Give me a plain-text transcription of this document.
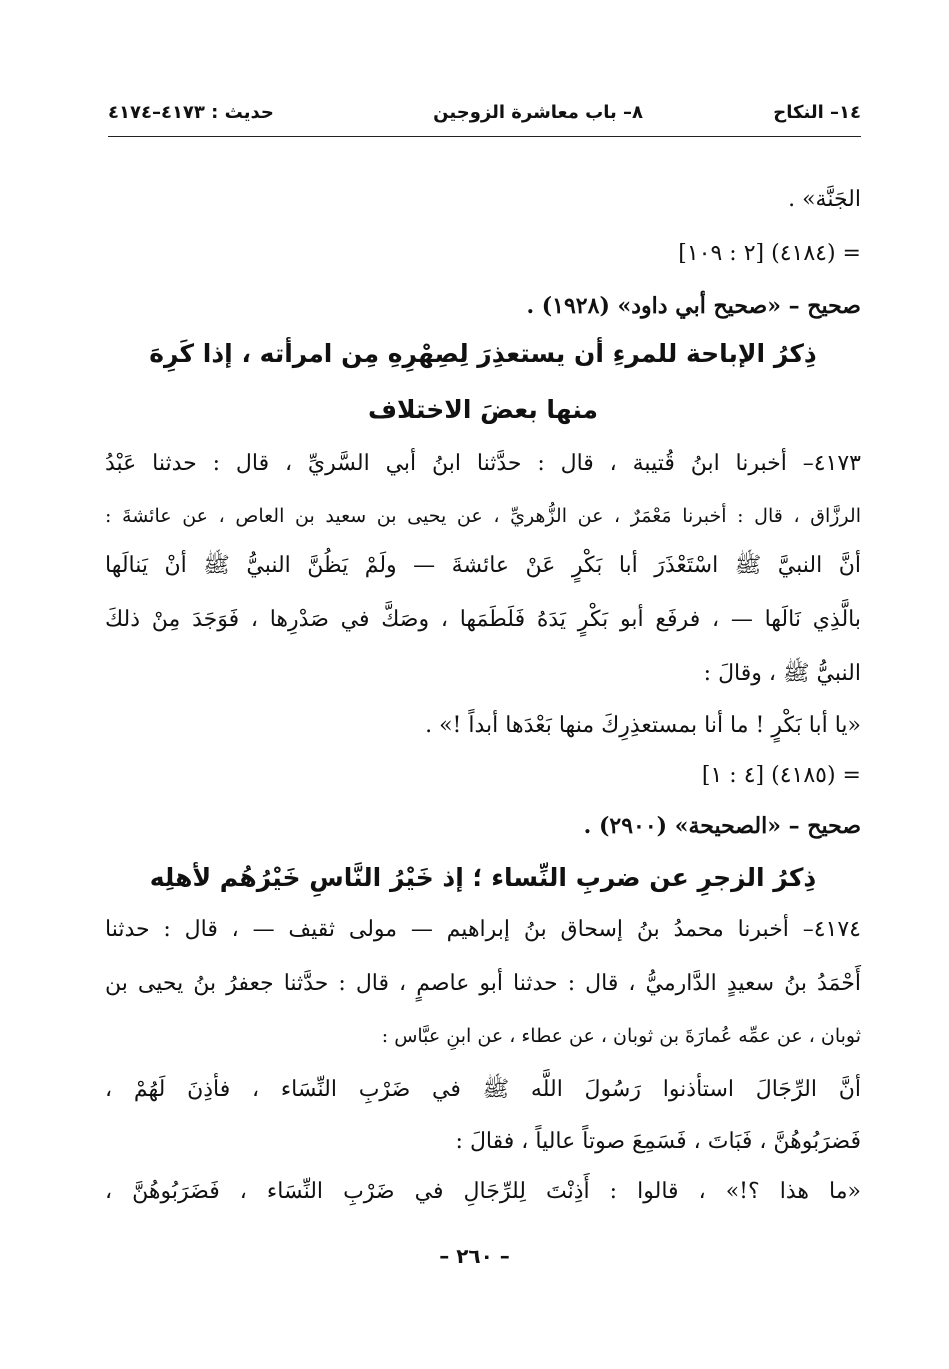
١٤– النكاح
٨– باب معاشرة الزوجين
حديث : ٤١٧٣–٤١٧٤
الجَنَّة» .
= (٤١٨٤) [٢ : ١٠٩]
صحيح – «صحيح أبي داود» (١٩٢٨) .
ذِكرُ الإباحة للمرءِ أن يستعذِرَ لِصِهْرِهِ مِن امرأته ، إذا كَرِهَ
منها بعضَ الاختلاف
٤١٧٣– أخبرنا ابنُ قُتيبة ، قال : حدَّثنا ابنُ أبي السَّريِّ ، قال : حدثنا عَبْدُ
الرزَّاق ، قال : أخبرنا مَعْمَرٌ ، عن الزُّهريِّ ، عن يحيى بن سعيد بن العاص ، عن عائشةَ :
أنَّ النبيَّ ﷺ اسْتَعْذَرَ أبا بَكْرٍ عَنْ عائشةَ — ولَمْ يَظُنَّ النبيُّ ﷺ أنْ يَنالَها
بالَّذِي نَالَها — ، فرفَع أبو بَكْرٍ يَدَهُ فَلَطَمَها ، وصَكَّ في صَدْرِها ، فَوَجَدَ مِنْ ذلكَ
النبيُّ ﷺ ، وقالَ :
«يا أبا بَكْرٍ ! ما أنا بمستعذِرِكَ منها بَعْدَها أبداً !» .
= (٤١٨٥) [٤ : ١]
صحيح – «الصحيحة» (٢٩٠٠) .
ذِكرُ الزجرِ عن ضربِ النِّساء ؛ إذ خَيْرُ النَّاسِ خَيْرُهُم لأهلِه
٤١٧٤– أخبرنا محمدُ بنُ إسحاق بنُ إبراهيم — مولى ثقيف — ، قال : حدثنا
أَحْمَدُ بنُ سعيدٍ الدَّارميُّ ، قال : حدثنا أبو عاصمٍ ، قال : حدَّثنا جعفرُ بنُ يحيى بن
ثوبان ، عن عمِّه عُمارَةَ بن ثوبان ، عن عطاء ، عن ابنِ عبَّاس :
أنَّ الرِّجَالَ استأذنوا رَسُولَ اللَّه ﷺ في ضَرْبِ النِّسَاء ، فأذِنَ لَهُمْ ،
فَضرَبُوهُنَّ ، فَبَاتَ ، فَسَمِعَ صوتاً عالياً ، فقالَ :
«ما هذا ؟!» ، قالوا : أَذِنْتَ لِلرِّجَالِ في ضَرْبِ النِّسَاء ، فَضَرَبُوهُنَّ ،
– ٢٦٠ –
